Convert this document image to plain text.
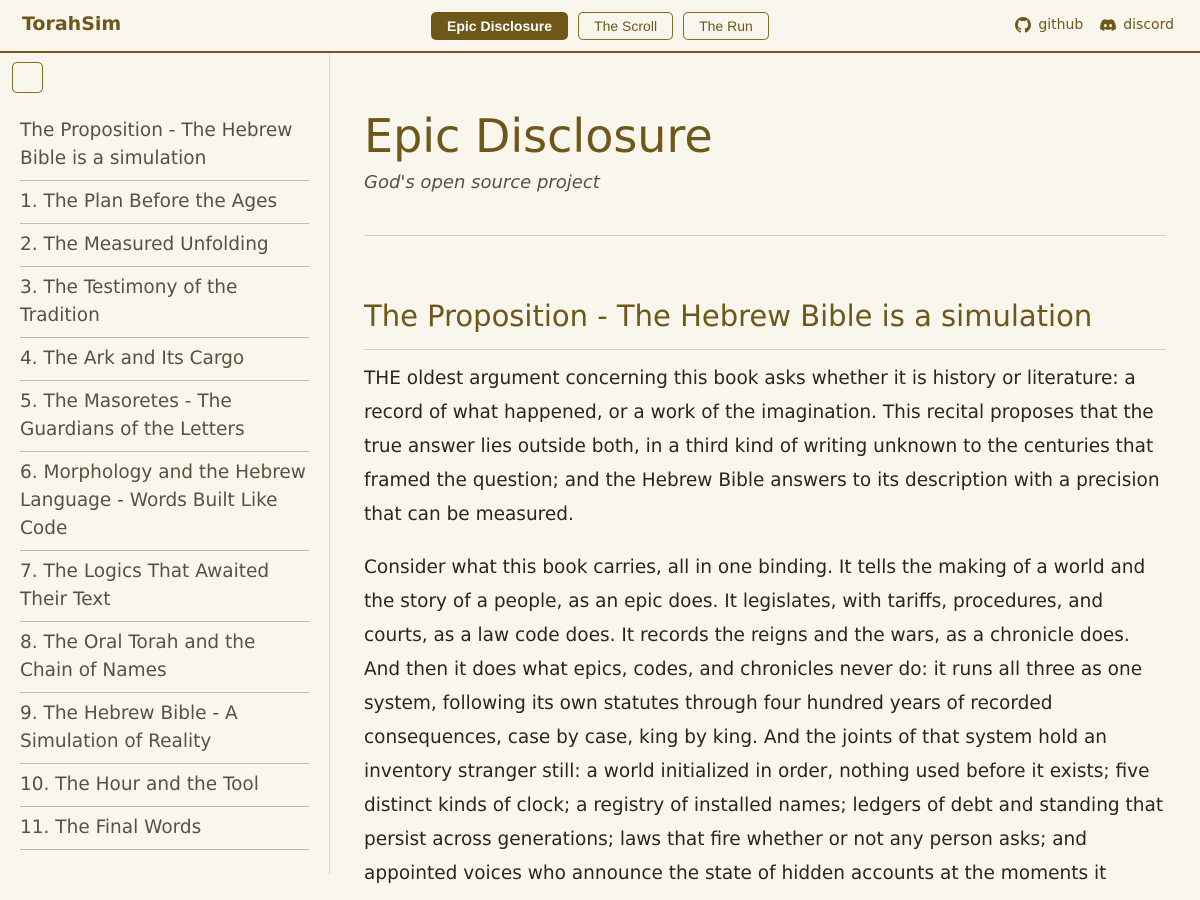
TorahSim	Epic Disclosure	The Scroll	The Run	github	discord
The Proposition - The Hebrew Bible is a simulation
1. The Plan Before the Ages
2. The Measured Unfolding
3. The Testimony of the Tradition
4. The Ark and Its Cargo
5. The Masoretes - The Guardians of the Letters
6. Morphology and the Hebrew Language - Words Built Like Code
7. The Logics That Awaited Their Text
8. The Oral Torah and the Chain of Names
9. The Hebrew Bible - A Simulation of Reality
10. The Hour and the Tool
11. The Final Words
Epic Disclosure

God's open source project

The Proposition - The Hebrew Bible is a simulation

THE oldest argument concerning this book asks whether it is history or literature: a record of what happened, or a work of the imagination. This recital proposes that the true answer lies outside both, in a third kind of writing unknown to the centuries that framed the question; and the Hebrew Bible answers to its description with a precision that can be measured.

Consider what this book carries, all in one binding. It tells the making of a world and the story of a people, as an epic does. It legislates, with tariffs, procedures, and courts, as a law code does. It records the reigns and the wars, as a chronicle does. And then it does what epics, codes, and chronicles never do: it runs all three as one system, following its own statutes through four hundred years of recorded consequences, case by case, king by king. And the joints of that system hold an inventory stranger still: a world initialized in order, nothing used before it exists; five distinct kinds of clock; a registry of installed names; ledgers of debt and standing that persist across generations; laws that fire whether or not any person asks; and appointed voices who announce the state of hidden accounts at the moments it
